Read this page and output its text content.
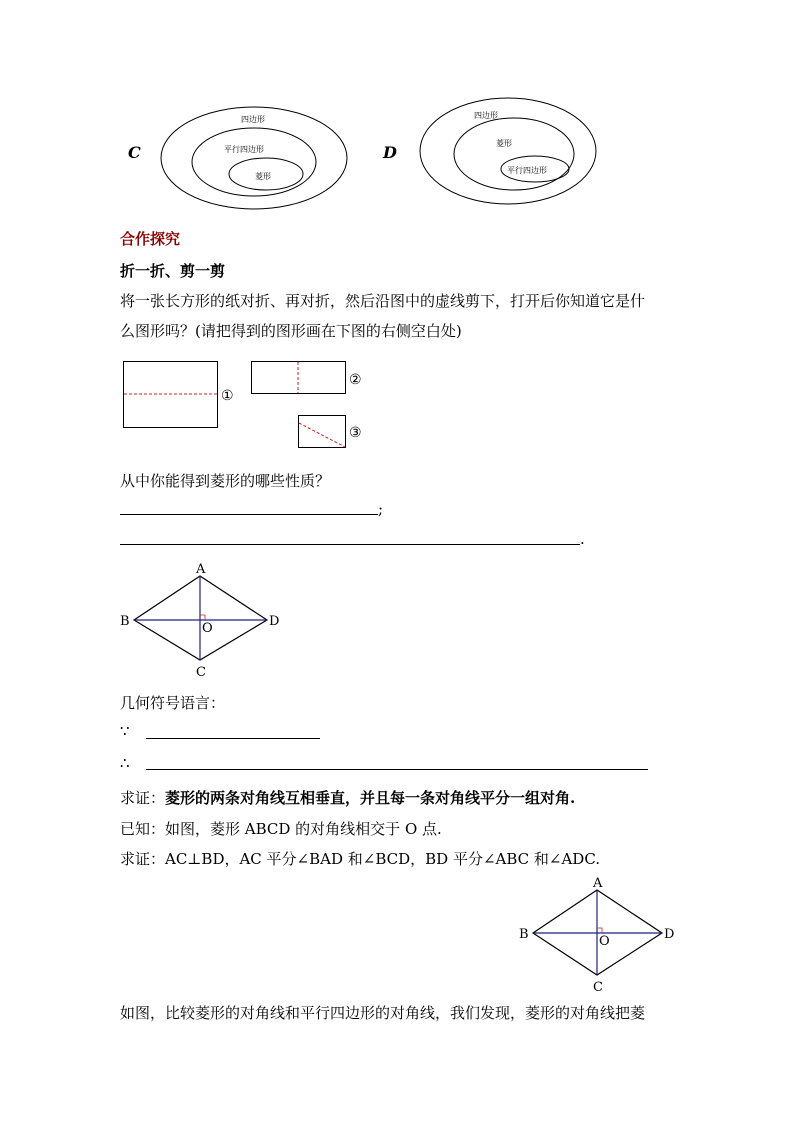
C
四边形
平行四边形
菱形
D
四边形
菱形
平行四边形
合作探究
折一折、剪一剪
将一张长方形的纸对折、再对折，然后沿图中的虚线剪下，打开后你知道它是什
么图形吗？(请把得到的图形画在下图的右侧空白处)
①
②
③
从中你能得到菱形的哪些性质？
;
.
A
B
C
D
O
几何符号语言：
∵
∴
求证：菱形的两条对角线互相垂直，并且每一条对角线平分一组对角.
已知：如图，菱形 ABCD 的对角线相交于 O 点.
求证：AC⊥BD，AC 平分∠BAD 和∠BCD，BD 平分∠ABC 和∠ADC.
A
B
C
D
O
如图，比较菱形的对角线和平行四边形的对角线，我们发现，菱形的对角线把菱
